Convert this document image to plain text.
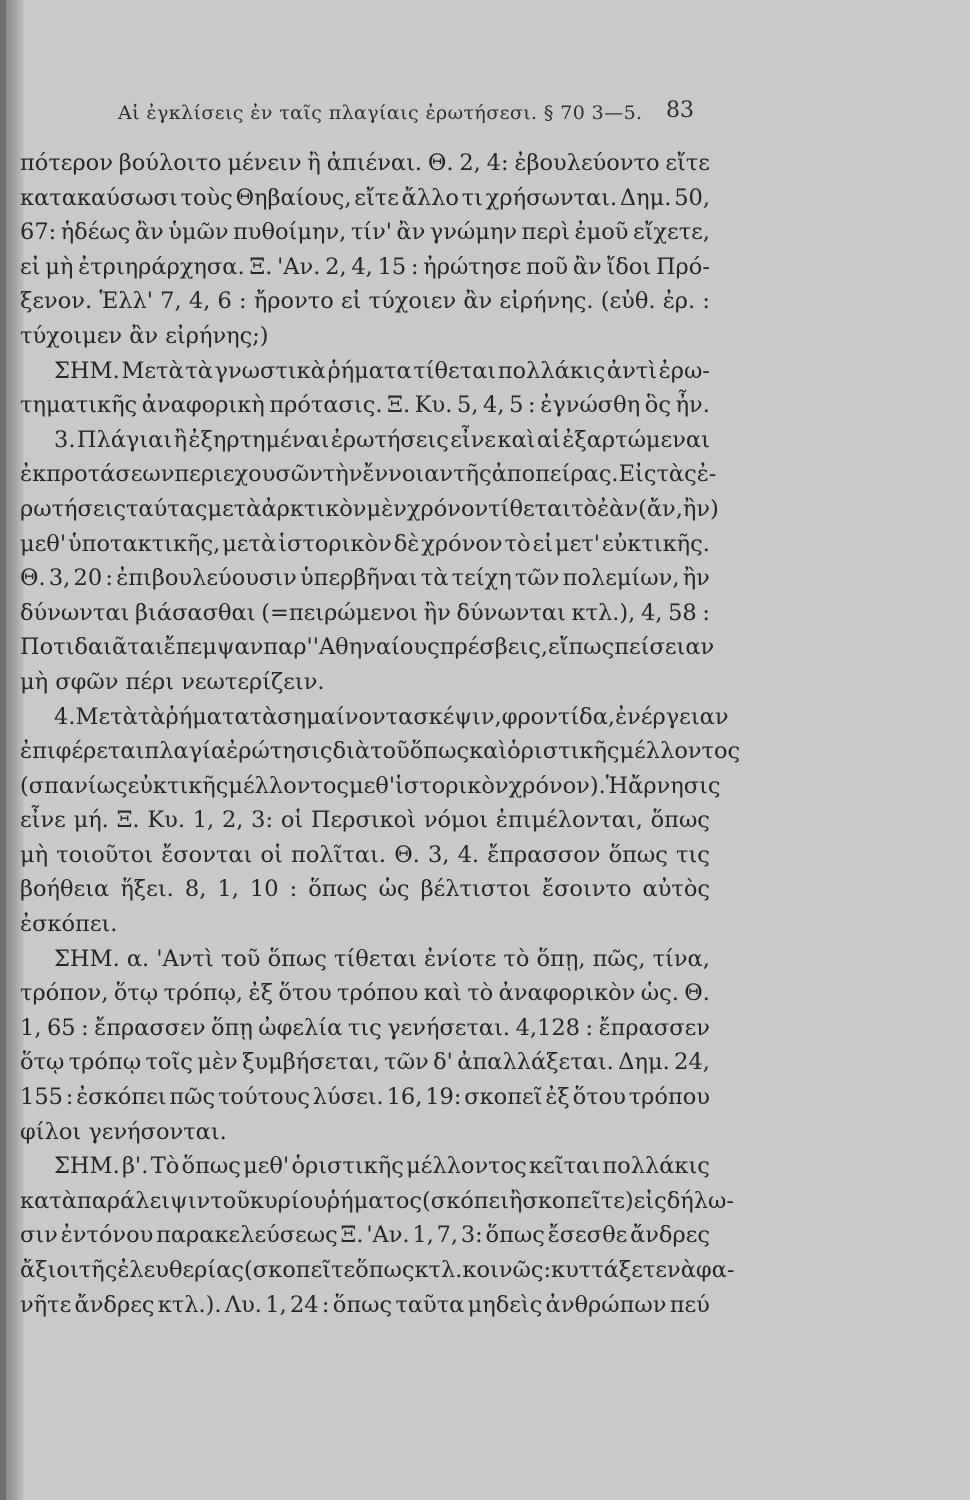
Αἱ ἐγκλίσεις ἐν ταῖς πλαγίαις ἐρωτήσεσι. § 70 3—5. 83
πότερον βούλοιτο μένειν ἢ ἀπιέναι. Θ. 2, 4: ἐβουλεύοντο εἴτε
κατακαύσωσι τοὺς Θηβαίους, εἴτε ἄλλο τι χρήσωνται. Δημ. 50,
67: ἡδέως ἂν ὑμῶν πυθοίμην, τίν' ἂν γνώμην περὶ ἐμοῦ εἴχετε,
εἰ μὴ ἐτριηράρχησα. Ξ. 'Αν. 2, 4, 15 : ἠρώτησε ποῦ ἂν ἴδοι Πρό-
ξενον. Ἑλλ' 7, 4, 6 : ἤροντο εἰ τύχοιεν ἂν εἰρήνης. (εὐθ. ἐρ. :
τύχοιμεν ἂν εἰρήνης;)
ΣΗΜ. Μετὰ τὰ γνωστικὰ ῥήματα τίθεται πολλάκις ἀντὶ ἐρω-
τηματικῆς ἀναφορικὴ πρότασις. Ξ. Κυ. 5, 4, 5 : ἐγνώσθη ὃς ἦν.
3. Πλάγιαι ἢ ἐξηρτημέναι ἐρωτήσεις εἶνε καὶ αἱ ἐξαρτώμεναι
ἐκ προτάσεων περιεχουσῶν τὴν ἔννοιαν τῆς ἀποπείρας. Εἰς τὰς ἐ-
ρωτήσεις ταύτας μετὰ ἀρκτικὸν μὲν χρόνον τίθεται τὸ ἐὰν (ἄν, ἢν)
μεθ' ὑποτακτικῆς, μετὰ ἱστορικὸν δὲ χρόνον τὸ εἰ μετ' εὐκτικῆς.
Θ. 3, 20 : ἐπιβουλεύουσιν ὑπερβῆναι τὰ τείχη τῶν πολεμίων, ἢν
δύνωνται βιάσασθαι (=πειρώμενοι ἢν δύνωνται κτλ.), 4, 58 :
Ποτιδαιᾶται ἔπεμψαν παρ' 'Αθηναίους πρέσβεις, εἴπως πείσειαν
μὴ σφῶν πέρι νεωτερίζειν.
4. Μετὰ τὰ ῥήματα τὰ σημαίνοντα σκέψιν, φροντίδα, ἐνέργειαν
ἐπιφέρεται πλαγία ἐρώτησις διὰ τοῦ ὅπως καὶ ὁριστικῆς μέλλοντος
(σπανίως εὐκτικῆς μέλλοντος μεθ' ἱστορικὸν χρόνον). Ἡ ἄρνησις
εἶνε μή. Ξ. Κυ. 1, 2, 3: οἱ Περσικοὶ νόμοι ἐπιμέλονται, ὅπως
μὴ τοιοῦτοι ἔσονται οἱ πολῖται. Θ. 3, 4. ἔπρασσον ὅπως τις
βοήθεια ἥξει. 8, 1, 10 : ὅπως ὡς βέλτιστοι ἔσοιντο αὐτὸς
ἐσκόπει.
ΣΗΜ. α. 'Αντὶ τοῦ ὅπως τίθεται ἐνίοτε τὸ ὅπῃ, πῶς, τίνα,
τρόπον, ὅτῳ τρόπῳ, ἐξ ὅτου τρόπου καὶ τὸ ἀναφορικὸν ὡς. Θ.
1, 65 : ἔπρασσεν ὅπῃ ὠφελία τις γενήσεται. 4,128 : ἔπρασσεν
ὅτῳ τρόπῳ τοῖς μὲν ξυμβήσεται, τῶν δ' ἀπαλλάξεται. Δημ. 24,
155 : ἐσκόπει πῶς τούτους λύσει. 16, 19: σκοπεῖ ἐξ ὅτου τρόπου
φίλοι γενήσονται.
ΣΗΜ. β'. Τὸ ὅπως μεθ' ὁριστικῆς μέλλοντος κεῖται πολλάκις
κατὰ παράλειψιν τοῦ κυρίου ῥήματος (σκόπει ἢ σκοπεῖτε) εἰς δήλω-
σιν ἐντόνου παρακελεύσεως Ξ. 'Αν. 1, 7, 3: ὅπως ἔσεσθε ἄνδρες
ἄξιοι τῆς ἐλευθερίας (σκοπεῖτε ὅπως κτλ. κοινῶς : κυττάξετε νὰ φα-
νῆτε ἄνδρες κτλ.). Λυ. 1, 24 : ὅπως ταῦτα μηδεὶς ἀνθρώπων πεύ
